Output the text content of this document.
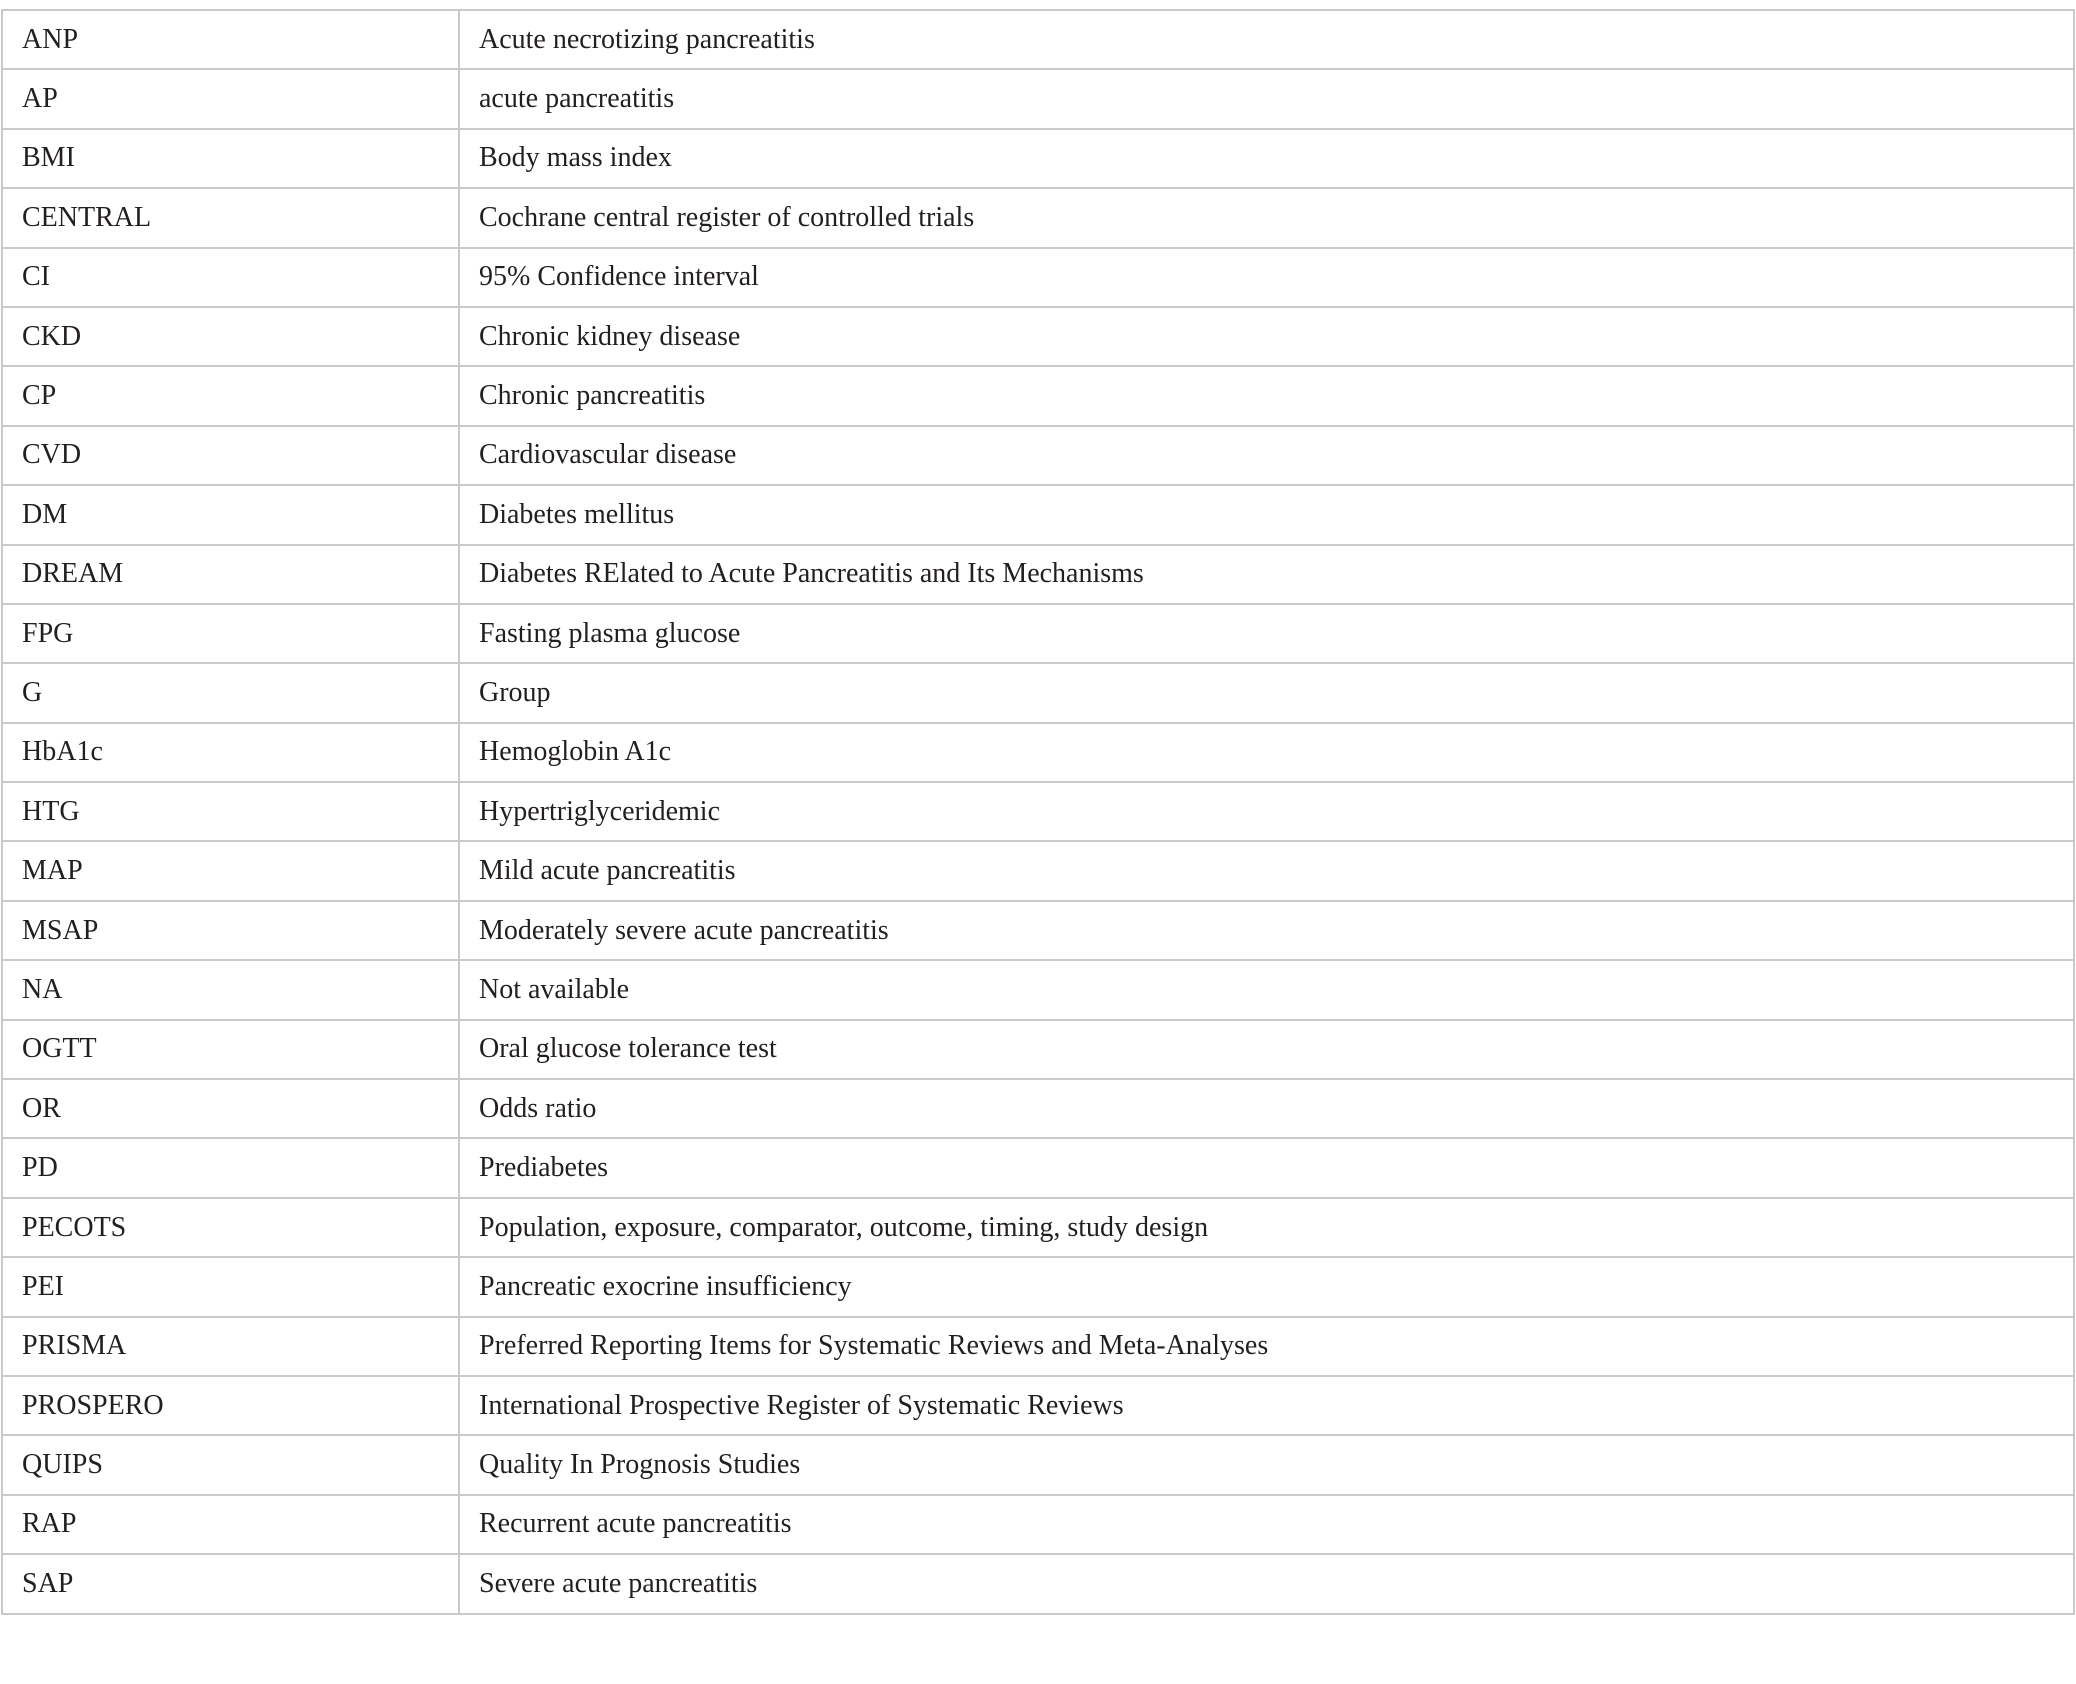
ANP	Acute necrotizing pancreatitis
AP	acute pancreatitis
BMI	Body mass index
CENTRAL	Cochrane central register of controlled trials
CI	95% Confidence interval
CKD	Chronic kidney disease
CP	Chronic pancreatitis
CVD	Cardiovascular disease
DM	Diabetes mellitus
DREAM	Diabetes RElated to Acute Pancreatitis and Its Mechanisms
FPG	Fasting plasma glucose
G	Group
HbA1c	Hemoglobin A1c
HTG	Hypertriglyceridemic
MAP	Mild acute pancreatitis
MSAP	Moderately severe acute pancreatitis
NA	Not available
OGTT	Oral glucose tolerance test
OR	Odds ratio
PD	Prediabetes
PECOTS	Population, exposure, comparator, outcome, timing, study design
PEI	Pancreatic exocrine insufficiency
PRISMA	Preferred Reporting Items for Systematic Reviews and Meta-Analyses
PROSPERO	International Prospective Register of Systematic Reviews
QUIPS	Quality In Prognosis Studies
RAP	Recurrent acute pancreatitis
SAP	Severe acute pancreatitis
